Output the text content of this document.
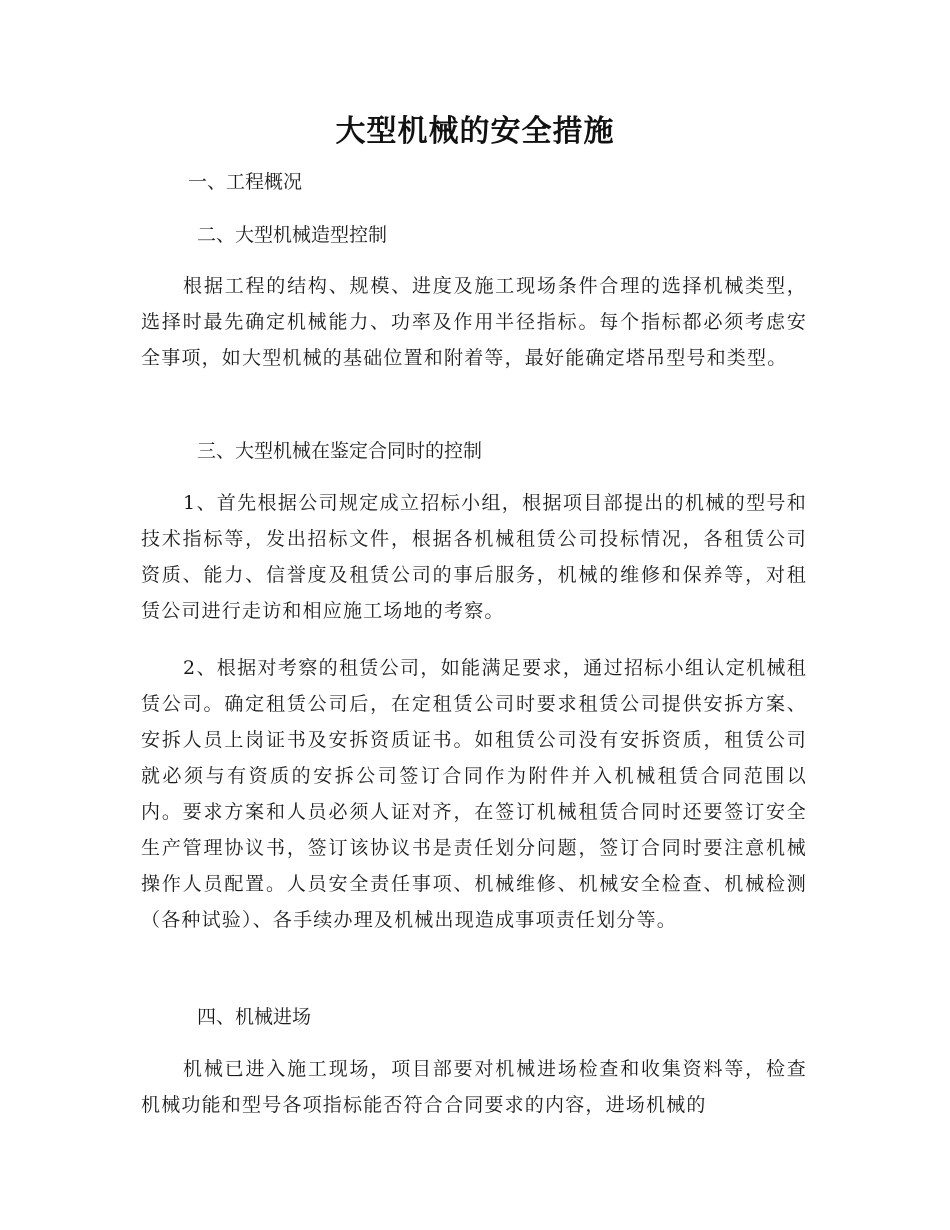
大型机械的安全措施
一、工程概况
二、大型机械造型控制

根据工程的结构、规模、进度及施工现场条件合理的选择机械类型，选择时最先确定机械能力、功率及作用半径指标。每个指标都必须考虑安全事项，如大型机械的基础位置和附着等，最好能确定塔吊型号和类型。

三、大型机械在鉴定合同时的控制

1、首先根据公司规定成立招标小组，根据项目部提出的机械的型号和技术指标等，发出招标文件，根据各机械租赁公司投标情况，各租赁公司资质、能力、信誉度及租赁公司的事后服务，机械的维修和保养等，对租赁公司进行走访和相应施工场地的考察。

2、根据对考察的租赁公司，如能满足要求，通过招标小组认定机械租赁公司。确定租赁公司后，在定租赁公司时要求租赁公司提供安拆方案、安拆人员上岗证书及安拆资质证书。如租赁公司没有安拆资质，租赁公司就必须与有资质的安拆公司签订合同作为附件并入机械租赁合同范围以内。要求方案和人员必须人证对齐，在签订机械租赁合同时还要签订安全生产管理协议书，签订该协议书是责任划分问题，签订合同时要注意机械操作人员配置。人员安全责任事项、机械维修、机械安全检查、机械检测（各种试验）、各手续办理及机械出现造成事项责任划分等。

四、机械进场

机械已进入施工现场，项目部要对机械进场检查和收集资料等，检查机械功能和型号各项指标能否符合合同要求的内容，进场机械的
